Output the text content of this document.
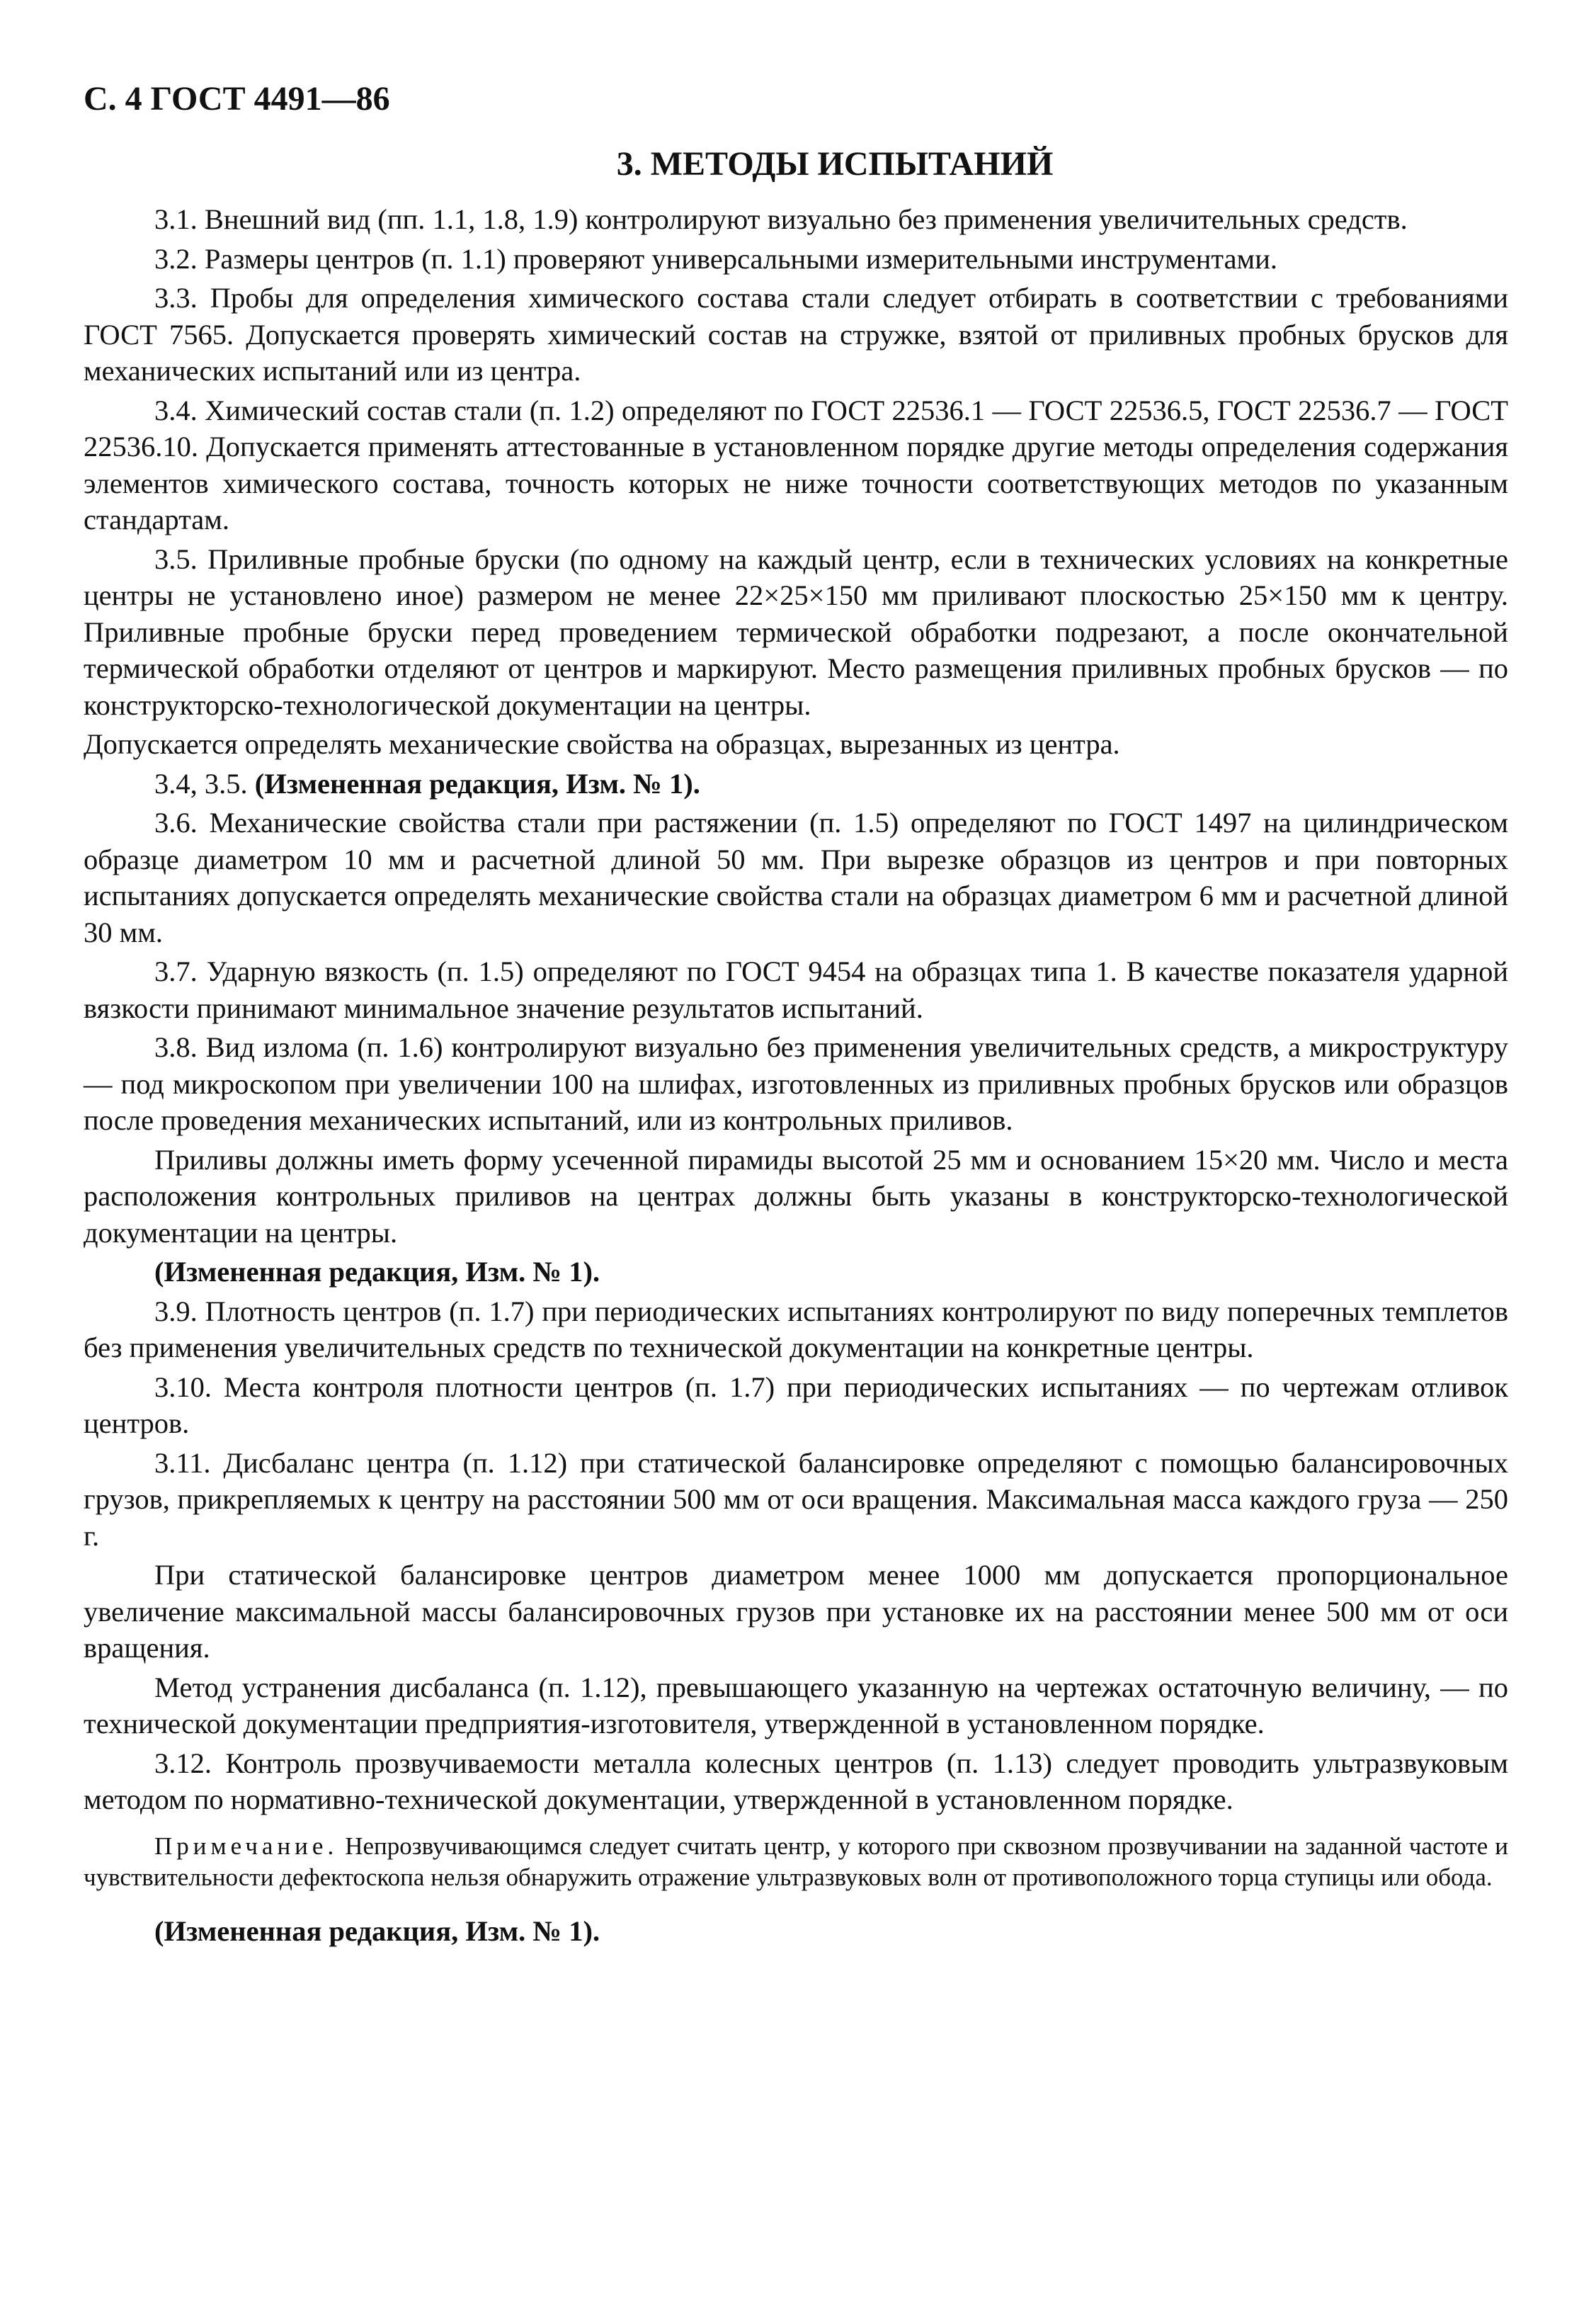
С. 4 ГОСТ 4491—86
3. МЕТОДЫ ИСПЫТАНИЙ

3.1. Внешний вид (пп. 1.1, 1.8, 1.9) контролируют визуально без применения увеличительных средств.

3.2. Размеры центров (п. 1.1) проверяют универсальными измерительными инструментами.

3.3. Пробы для определения химического состава стали следует отбирать в соответствии с требованиями ГОСТ 7565. Допускается проверять химический состав на стружке, взятой от приливных пробных брусков для механических испытаний или из центра.

3.4. Химический состав стали (п. 1.2) определяют по ГОСТ 22536.1 — ГОСТ 22536.5, ГОСТ 22536.7 — ГОСТ 22536.10. Допускается применять аттестованные в установленном порядке другие методы определения содержания элементов химического состава, точность которых не ниже точности соответствующих методов по указанным стандартам.

3.5. Приливные пробные бруски (по одному на каждый центр, если в технических условиях на конкретные центры не установлено иное) размером не менее 22×25×150 мм приливают плоскостью 25×150 мм к центру. Приливные пробные бруски перед проведением термической обработки подрезают, а после окончательной термической обработки отделяют от центров и маркируют. Место размещения приливных пробных брусков — по конструкторско-технологической документации на центры.

Допускается определять механические свойства на образцах, вырезанных из центра.

3.4, 3.5. (Измененная редакция, Изм. № 1).

3.6. Механические свойства стали при растяжении (п. 1.5) определяют по ГОСТ 1497 на цилиндрическом образце диаметром 10 мм и расчетной длиной 50 мм. При вырезке образцов из центров и при повторных испытаниях допускается определять механические свойства стали на образцах диаметром 6 мм и расчетной длиной 30 мм.

3.7. Ударную вязкость (п. 1.5) определяют по ГОСТ 9454 на образцах типа 1. В качестве показателя ударной вязкости принимают минимальное значение результатов испытаний.

3.8. Вид излома (п. 1.6) контролируют визуально без применения увеличительных средств, а микроструктуру — под микроскопом при увеличении 100 на шлифах, изготовленных из приливных пробных брусков или образцов после проведения механических испытаний, или из контрольных приливов.

Приливы должны иметь форму усеченной пирамиды высотой 25 мм и основанием 15×20 мм. Число и места расположения контрольных приливов на центрах должны быть указаны в конструкторско-технологической документации на центры.

(Измененная редакция, Изм. № 1).

3.9. Плотность центров (п. 1.7) при периодических испытаниях контролируют по виду поперечных темплетов без применения увеличительных средств по технической документации на конкретные центры.

3.10. Места контроля плотности центров (п. 1.7) при периодических испытаниях — по чертежам отливок центров.

3.11. Дисбаланс центра (п. 1.12) при статической балансировке определяют с помощью балансировочных грузов, прикрепляемых к центру на расстоянии 500 мм от оси вращения. Максимальная масса каждого груза — 250 г.

При статической балансировке центров диаметром менее 1000 мм допускается пропорциональное увеличение максимальной массы балансировочных грузов при установке их на расстоянии менее 500 мм от оси вращения.

Метод устранения дисбаланса (п. 1.12), превышающего указанную на чертежах остаточную величину, — по технической документации предприятия-изготовителя, утвержденной в установленном порядке.

3.12. Контроль прозвучиваемости металла колесных центров (п. 1.13) следует проводить ультразвуковым методом по нормативно-технической документации, утвержденной в установленном порядке.

Примечание. Непрозвучивающимся следует считать центр, у которого при сквозном прозвучивании на заданной частоте и чувствительности дефектоскопа нельзя обнаружить отражение ультразвуковых волн от противоположного торца ступицы или обода.

(Измененная редакция, Изм. № 1).
